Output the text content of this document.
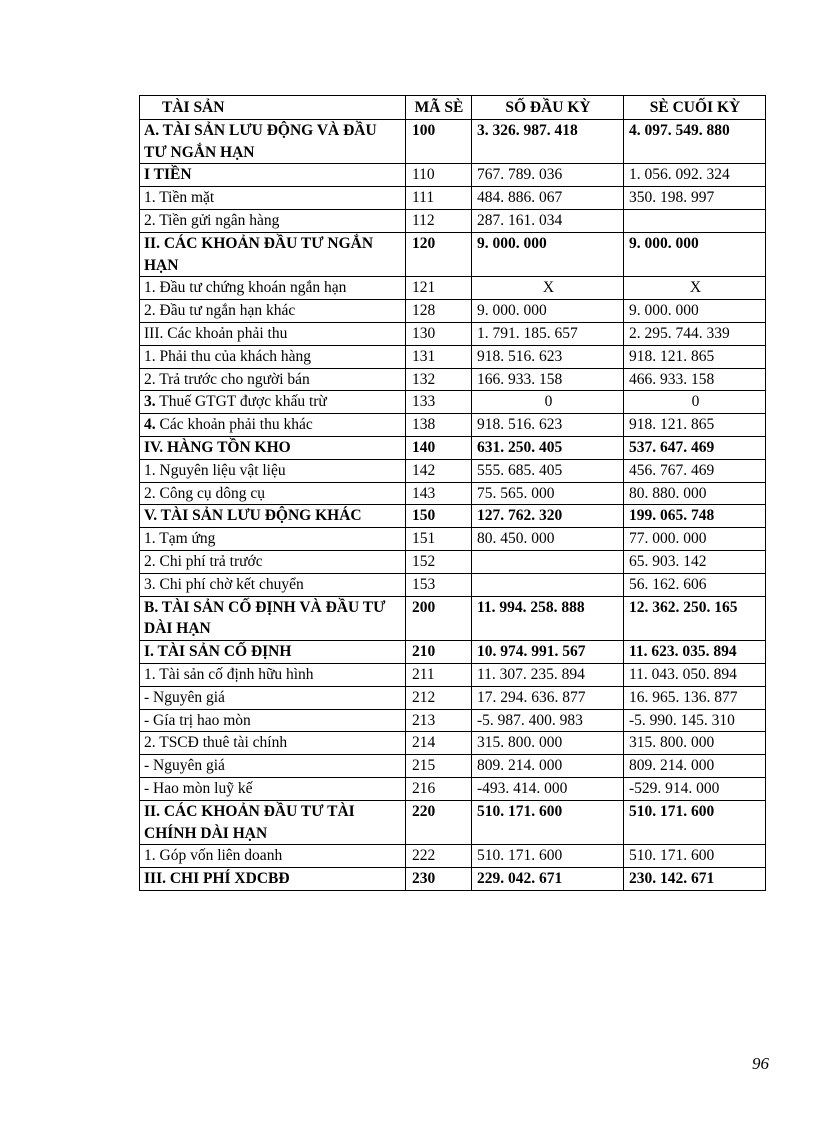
TÀI SẢN	MÃ SÈ	SỐ ĐẦU KỲ	SÈ CUỐI KỲ
A. TÀI SẢN LƯU ĐỘNG VÀ ĐẦU TƯ NGẮN HẠN	100	3. 326. 987. 418	4. 097. 549. 880
I TIỀN	110	767. 789. 036	1. 056. 092. 324
1. Tiền mặt	111	484. 886. 067	350. 198. 997
2. Tiền gửi ngân hàng	112	287. 161. 034	
II. CÁC KHOẢN ĐẦU TƯ NGẮN HẠN	120	9. 000. 000	9. 000. 000
1. Đầu tư chứng khoán ngắn hạn	121	X	X
2. Đầu tư ngắn hạn khác	128	9. 000. 000	9. 000. 000
III. Các khoản phải thu	130	1. 791. 185. 657	2. 295. 744. 339
1. Phải thu của khách hàng	131	918. 516. 623	918. 121. 865
2. Trả trước cho người bán	132	166. 933. 158	466. 933. 158
3. Thuế GTGT được khấu trừ	133	0	0
4. Các khoản phải thu khác	138	918. 516. 623	918. 121. 865
IV. HÀNG TỒN KHO	140	631. 250. 405	537. 647. 469
1. Nguyên liệu vật liệu	142	555. 685. 405	456. 767. 469
2. Công cụ dông cụ	143	75. 565. 000	80. 880. 000
V. TÀI SẢN LƯU ĐỘNG KHÁC	150	127. 762. 320	199. 065. 748
1. Tạm ứng	151	80. 450. 000	77. 000. 000
2. Chi phí trả trước	152		65. 903. 142
3. Chi phí chờ kết chuyển	153		56. 162. 606
B. TÀI SẢN CỐ ĐỊNH VÀ ĐẦU TƯ DÀI HẠN	200	11. 994. 258. 888	12. 362. 250. 165
I. TÀI SẢN CỐ ĐỊNH	210	10. 974. 991. 567	11. 623. 035. 894
1. Tài sản cố định hữu hình	211	11. 307. 235. 894	11. 043. 050. 894
- Nguyên giá	212	17. 294. 636. 877	16. 965. 136. 877
- Gía trị hao mòn	213	-5. 987. 400. 983	-5. 990. 145. 310
2. TSCĐ thuê tài chính	214	315. 800. 000	315. 800. 000
- Nguyên giá	215	809. 214. 000	809. 214. 000
- Hao mòn luỹ kế	216	-493. 414. 000	-529. 914. 000
II. CÁC KHOẢN ĐẦU TƯ TÀI CHÍNH DÀI HẠN	220	510. 171. 600	510. 171. 600
1. Góp vốn liên doanh	222	510. 171. 600	510. 171. 600
III. CHI PHÍ XDCBĐ	230	229. 042. 671	230. 142. 671
96
